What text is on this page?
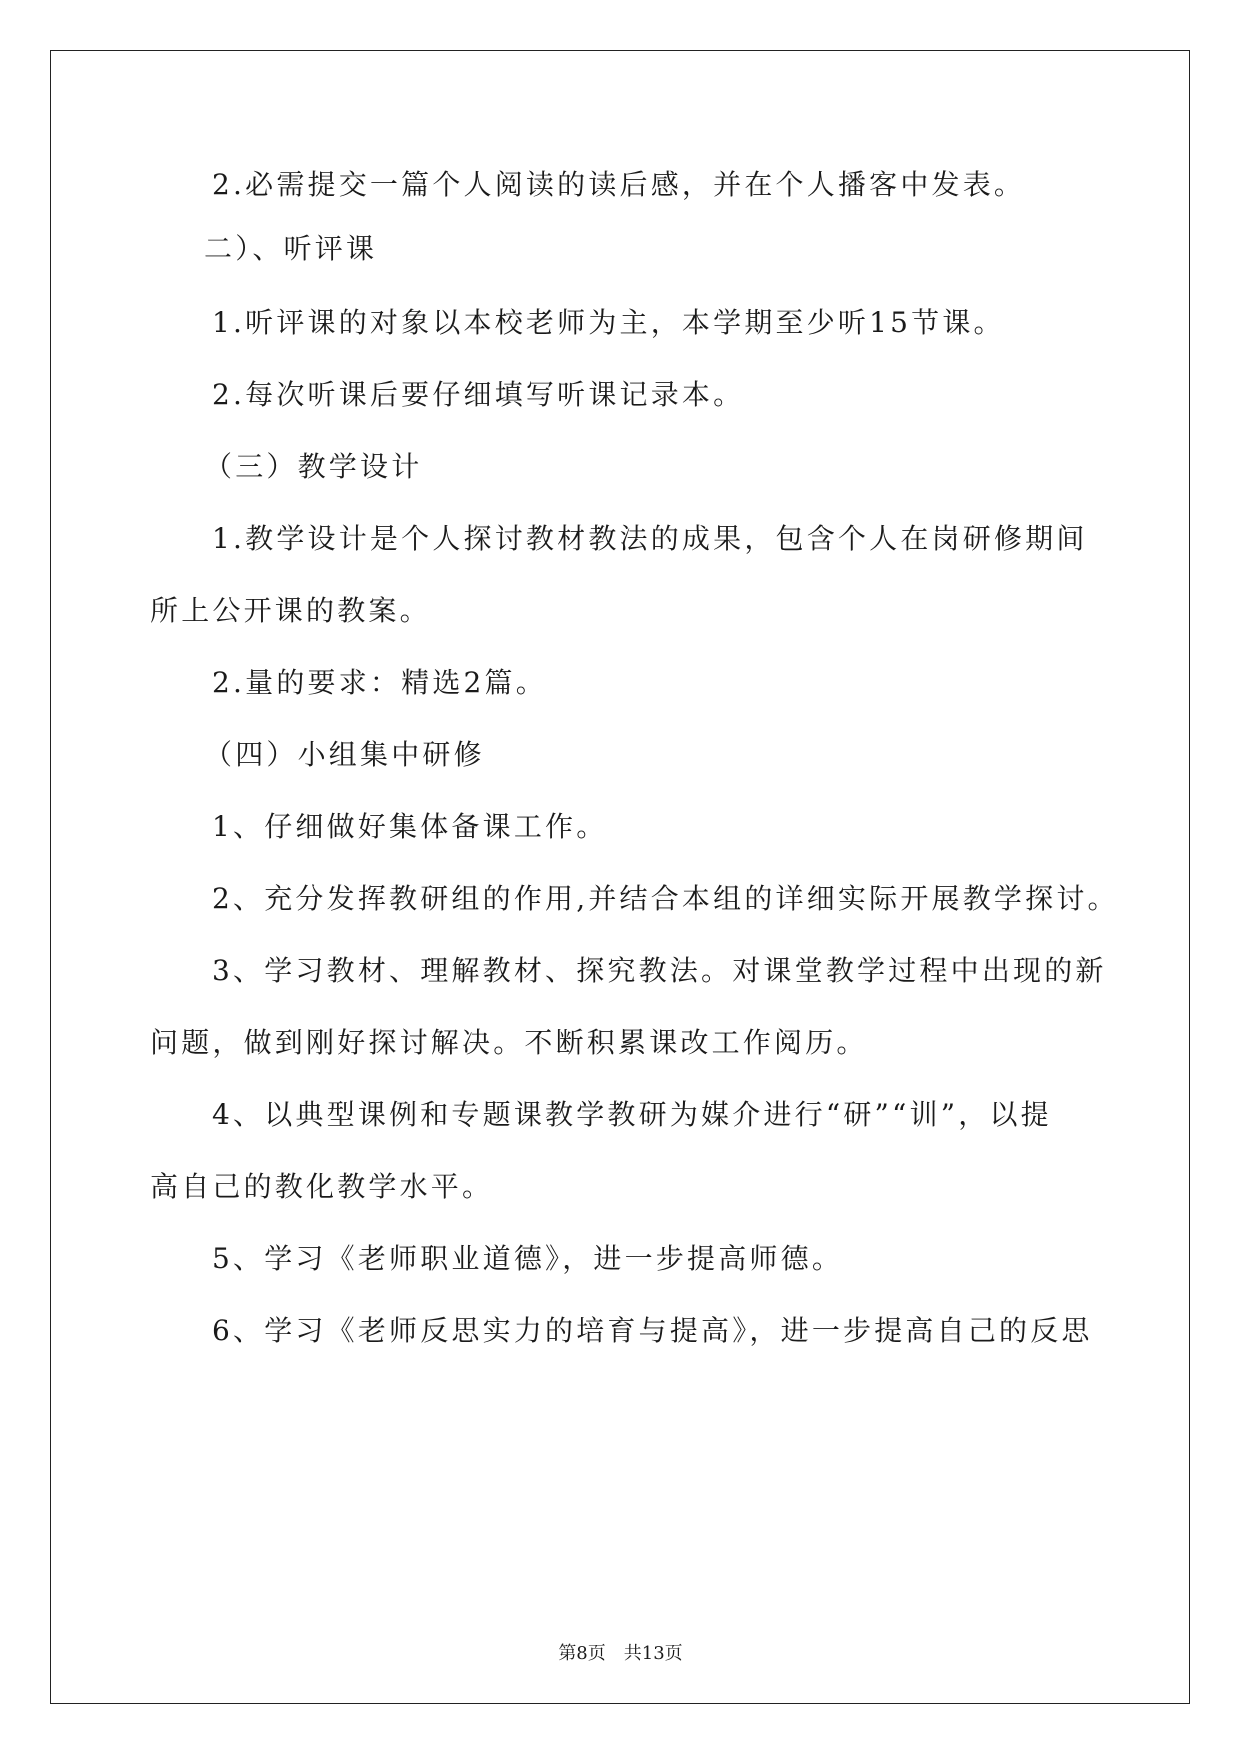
2.必需提交一篇个人阅读的读后感，并在个人播客中发表。
二）、听评课
1.听评课的对象以本校老师为主，本学期至少听15节课。
2.每次听课后要仔细填写听课记录本。
（三）教学设计
1.教学设计是个人探讨教材教法的成果，包含个人在岗研修期间
所上公开课的教案。
2.量的要求：精选2篇。
（四）小组集中研修
1、仔细做好集体备课工作。
2、充分发挥教研组的作用,并结合本组的详细实际开展教学探讨。
3、学习教材、理解教材、探究教法。对课堂教学过程中出现的新
问题，做到刚好探讨解决。不断积累课改工作阅历。
4、以典型课例和专题课教学教研为媒介进行“研”“训”，以提
高自己的教化教学水平。
5、学习《老师职业道德》，进一步提高师德。
6、学习《老师反思实力的培育与提高》，进一步提高自己的反思
第8页 共13页
